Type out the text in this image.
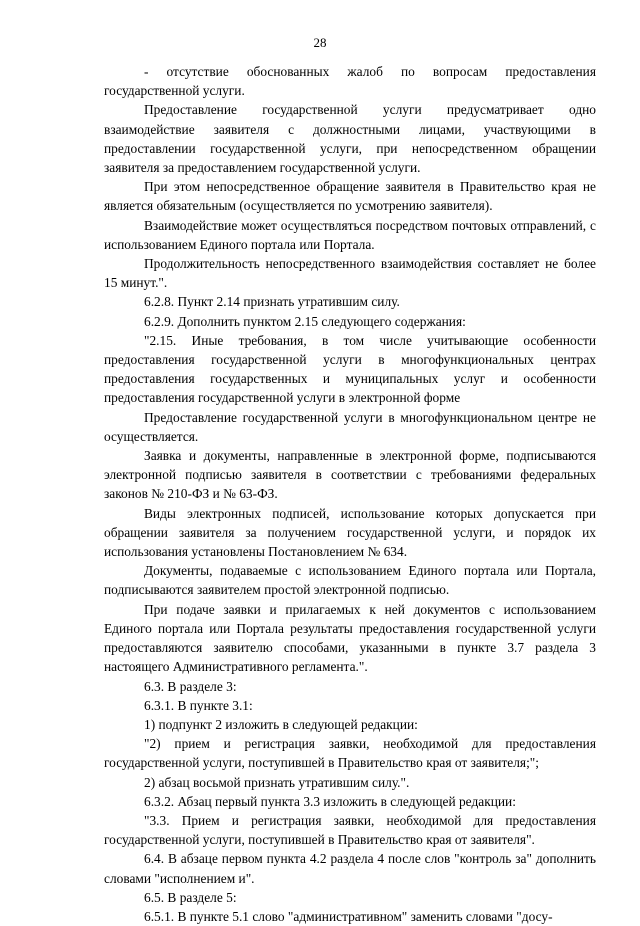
28

- отсутствие обоснованных жалоб по вопросам предоставления государственной услуги.

Предоставление государственной услуги предусматривает одно взаимодействие заявителя с должностными лицами, участвующими в предоставлении государственной услуги, при непосредственном обращении заявителя за предоставлением государственной услуги.

При этом непосредственное обращение заявителя в Правительство края не является обязательным (осуществляется по усмотрению заявителя).

Взаимодействие может осуществляться посредством почтовых отправлений, с использованием Единого портала или Портала.

Продолжительность непосредственного взаимодействия составляет не более 15 минут.".

6.2.8. Пункт 2.14 признать утратившим силу.

6.2.9. Дополнить пунктом 2.15 следующего содержания:

"2.15. Иные требования, в том числе учитывающие особенности предоставления государственной услуги в многофункциональных центрах предоставления государственных и муниципальных услуг и особенности предоставления государственной услуги в электронной форме

Предоставление государственной услуги в многофункциональном центре не осуществляется.

Заявка и документы, направленные в электронной форме, подписываются электронной подписью заявителя в соответствии с требованиями федеральных законов № 210-ФЗ и № 63-ФЗ.

Виды электронных подписей, использование которых допускается при обращении заявителя за получением государственной услуги, и порядок их использования установлены Постановлением № 634.

Документы, подаваемые с использованием Единого портала или Портала, подписываются заявителем простой электронной подписью.

При подаче заявки и прилагаемых к ней документов с использованием Единого портала или Портала результаты предоставления государственной услуги предоставляются заявителю способами, указанными в пункте 3.7 раздела 3 настоящего Административного регламента.".

6.3. В разделе 3:

6.3.1. В пункте 3.1:

1) подпункт 2 изложить в следующей редакции:

"2) прием и регистрация заявки, необходимой для предоставления государственной услуги, поступившей в Правительство края от заявителя;";

2) абзац восьмой признать утратившим силу.".

6.3.2. Абзац первый пункта 3.3 изложить в следующей редакции:

"3.3. Прием и регистрация заявки, необходимой для предоставления государственной услуги, поступившей в Правительство края от заявителя".

6.4. В абзаце первом пункта 4.2 раздела 4 после слов "контроль за" дополнить словами "исполнением и".

6.5. В разделе 5:

6.5.1. В пункте 5.1 слово "административном" заменить словами "досу-
